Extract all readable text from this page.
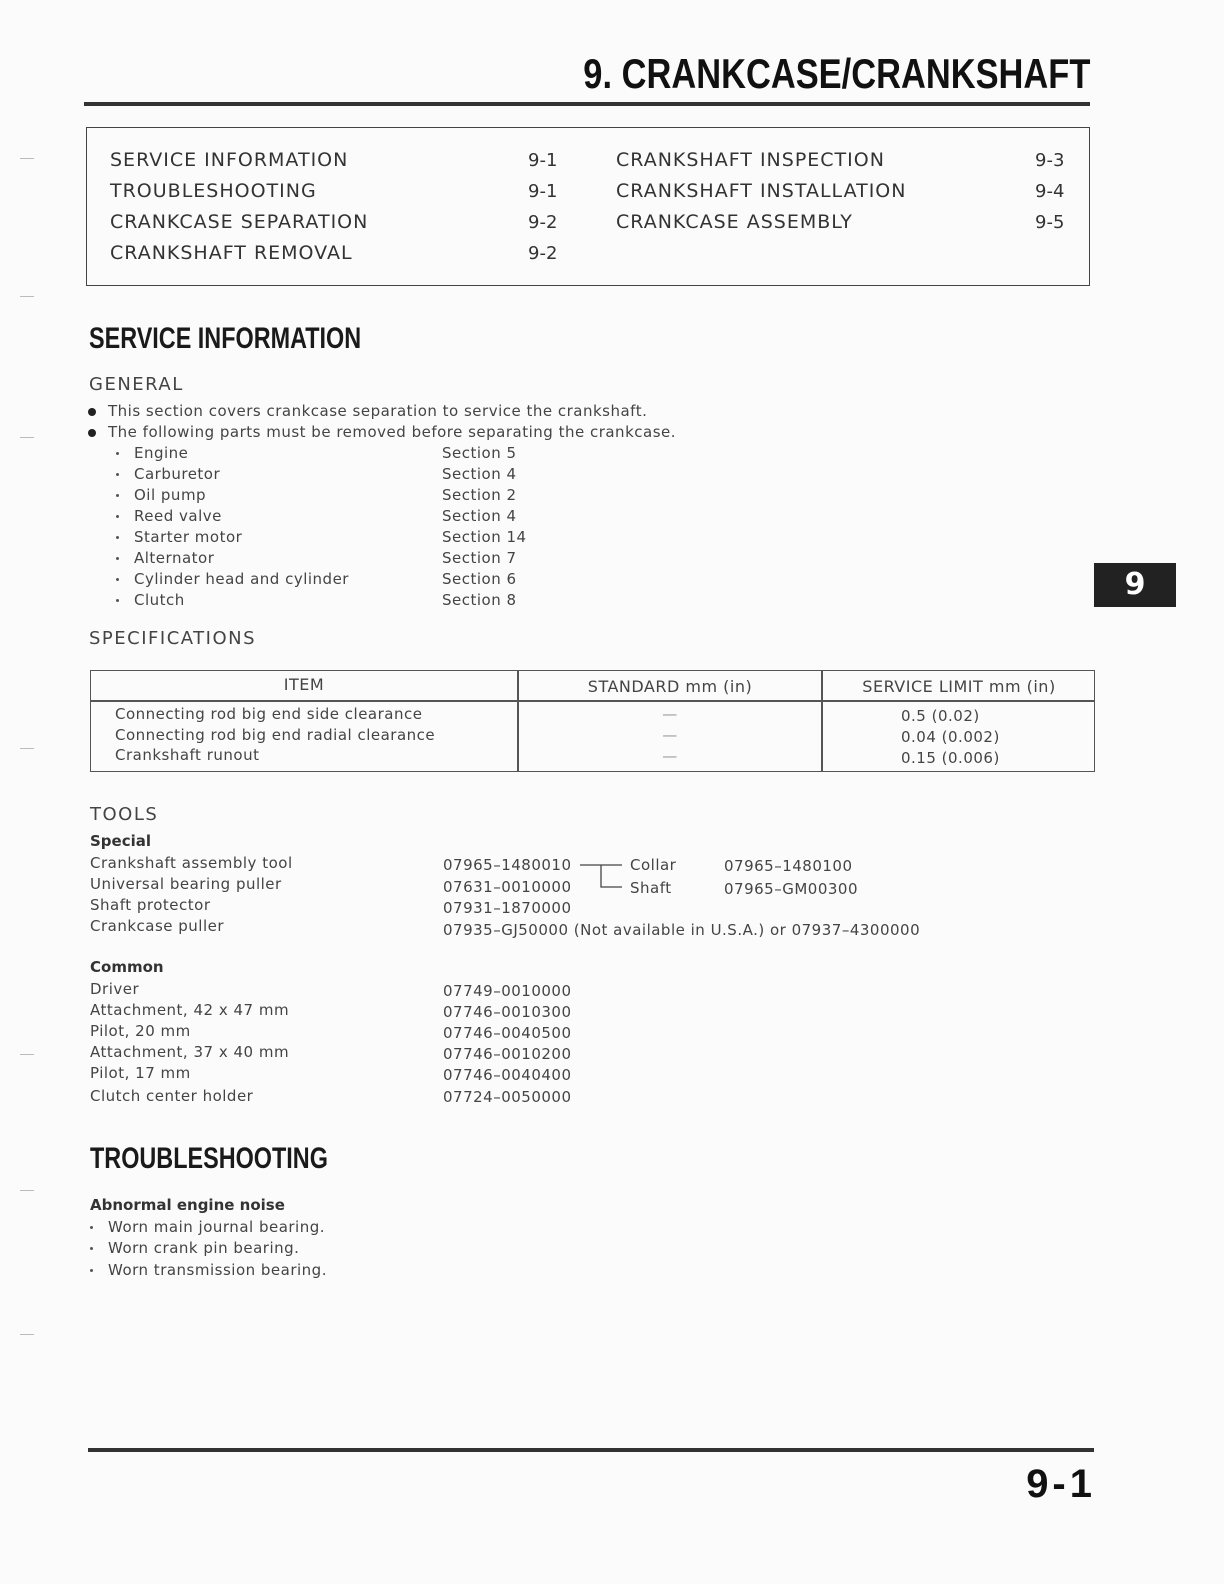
9. CRANKCASE/CRANKSHAFT
SERVICE INFORMATION	9-1
TROUBLESHOOTING	9-1
CRANKCASE SEPARATION	9-2
CRANKSHAFT REMOVAL	9-2
CRANKSHAFT INSPECTION	9-3
CRANKSHAFT INSTALLATION	9-4
CRANKCASE ASSEMBLY	9-5
SERVICE INFORMATION
GENERAL
This section covers crankcase separation to service the crankshaft.
The following parts must be removed before separating the crankcase.
Engine	Section 5
Carburetor	Section 4
Oil pump	Section 2
Reed valve	Section 4
Starter motor	Section 14
Alternator	Section 7
Cylinder head and cylinder	Section 6
Clutch	Section 8
SPECIFICATIONS
ITEM	STANDARD mm (in)	SERVICE LIMIT mm (in)
Connecting rod big end side clearance	—	0.5 (0.02)
Connecting rod big end radial clearance	—	0.04 (0.002)
Crankshaft runout	—	0.15 (0.006)
9
TOOLS
Special
Crankshaft assembly tool	07965–1480010
Universal bearing puller	07631–0010000
Shaft protector	07931–1870000
Crankcase puller	07935–GJ50000 (Not available in U.S.A.) or 07937–4300000
Collar	07965–1480100
Shaft	07965–GM00300
Common
Driver	07749–0010000
Attachment, 42 x 47 mm	07746–0010300
Pilot, 20 mm	07746–0040500
Attachment, 37 x 40 mm	07746–0010200
Pilot, 17 mm	07746–0040400
Clutch center holder	07724–0050000
TROUBLESHOOTING
Abnormal engine noise
Worn main journal bearing.
Worn crank pin bearing.
Worn transmission bearing.
9-1
